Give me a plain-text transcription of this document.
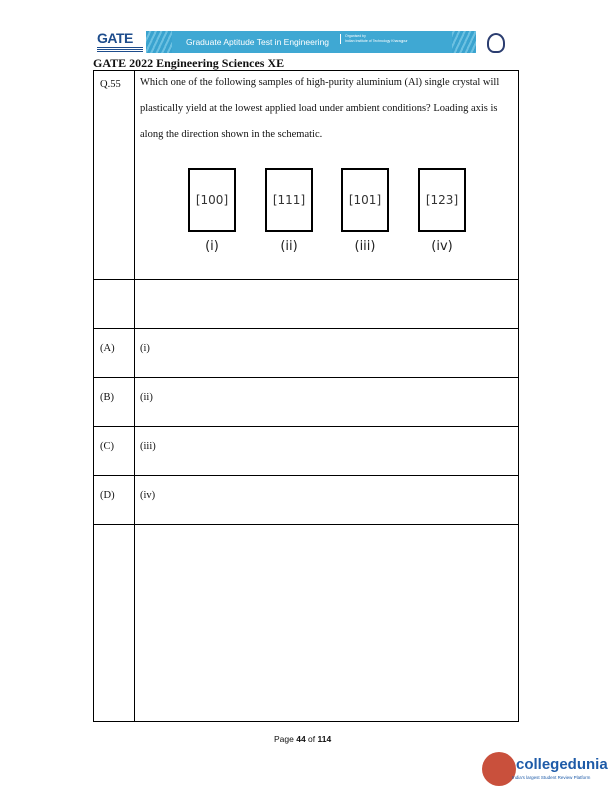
GATE	Graduate Aptitude Test in Engineering
Organised by
Indian Institute of Technology Kharagpur
GATE 2022 Engineering Sciences XE
Q.55 Which one of the following samples of high-purity aluminium (Al) single crystal will plastically yield at the lowest applied load under ambient conditions? Loading axis is along the direction shown in the schematic.
[100]	[111]	[101]	[123]
(i)	(ii)	(iii)	(iv)
(A) (i)
(B) (ii)
(C) (iii)
(D) (iv)
Page 44 of 114
collegedunia
India's largest Student Review Platform
